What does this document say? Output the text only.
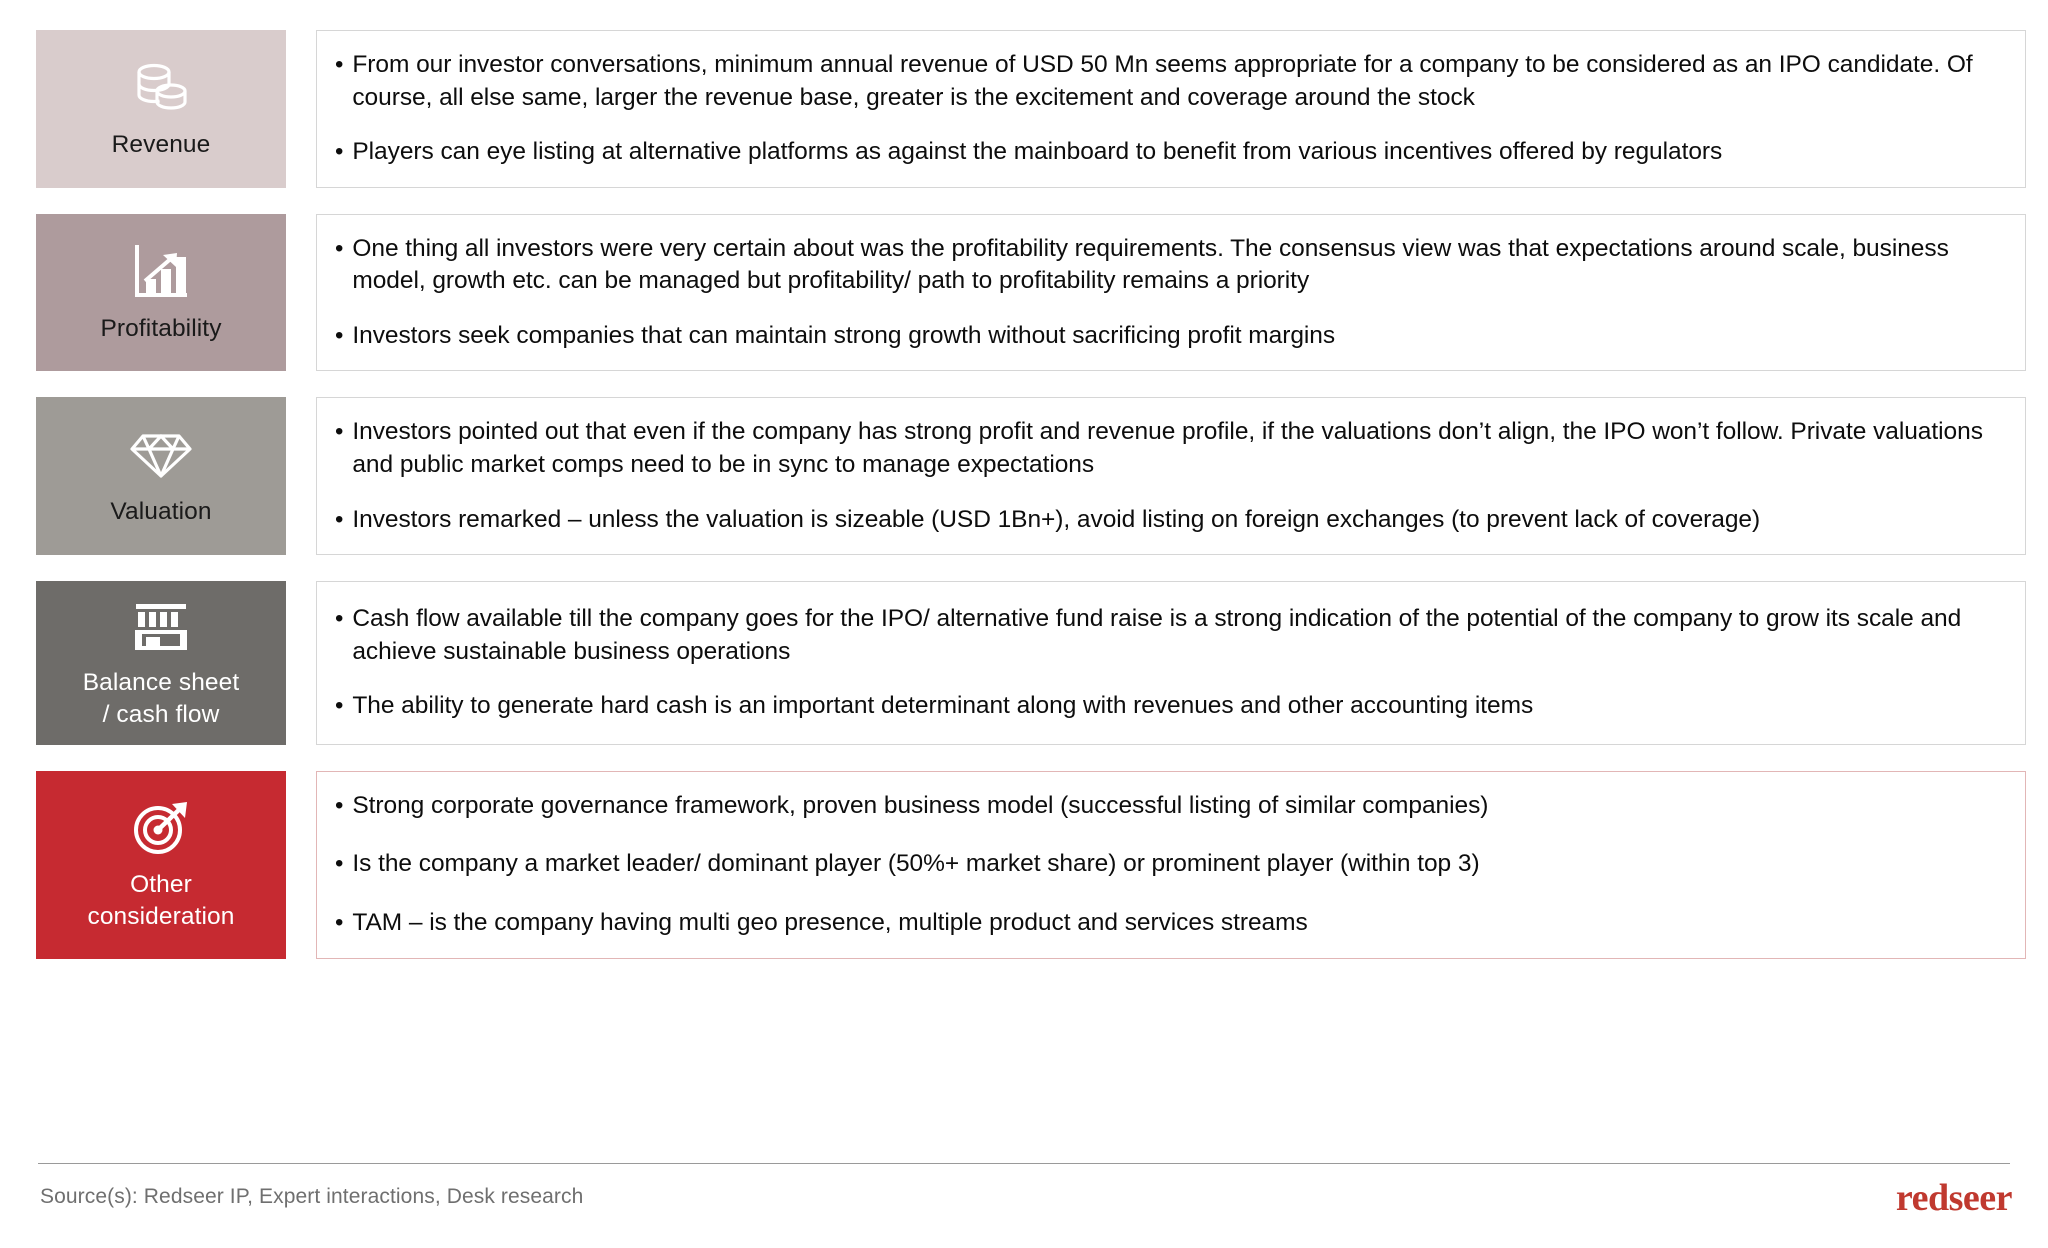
Revenue
• From our investor conversations, minimum annual revenue of USD 50 Mn seems appropriate for a company to be considered as an IPO candidate. Of course, all else same, larger the revenue base, greater is the excitement and coverage around the stock
• Players can eye listing at alternative platforms as against the mainboard to benefit from various incentives offered by regulators
Profitability
• One thing all investors were very certain about was the profitability requirements. The consensus view was that expectations around scale, business model, growth etc. can be managed but profitability/ path to profitability remains a priority
• Investors seek companies that can maintain strong growth without sacrificing profit margins
Valuation
• Investors pointed out that even if the company has strong profit and revenue profile, if the valuations don’t align, the IPO won’t follow. Private valuations and public market comps need to be in sync to manage expectations
• Investors remarked – unless the valuation is sizeable (USD 1Bn+), avoid listing on foreign exchanges (to prevent lack of coverage)
Balance sheet
/ cash flow
• Cash flow available till the company goes for the IPO/ alternative fund raise is a strong indication of the potential of the company to grow its scale and achieve sustainable business operations
• The ability to generate hard cash is an important determinant along with revenues and other accounting items
Other
consideration
• Strong corporate governance framework, proven business model (successful listing of similar companies)
• Is the company a market leader/ dominant player (50%+ market share) or prominent player (within top 3)
• TAM – is the company having multi geo presence, multiple product and services streams
Source(s): Redseer IP, Expert interactions, Desk research	redseer
